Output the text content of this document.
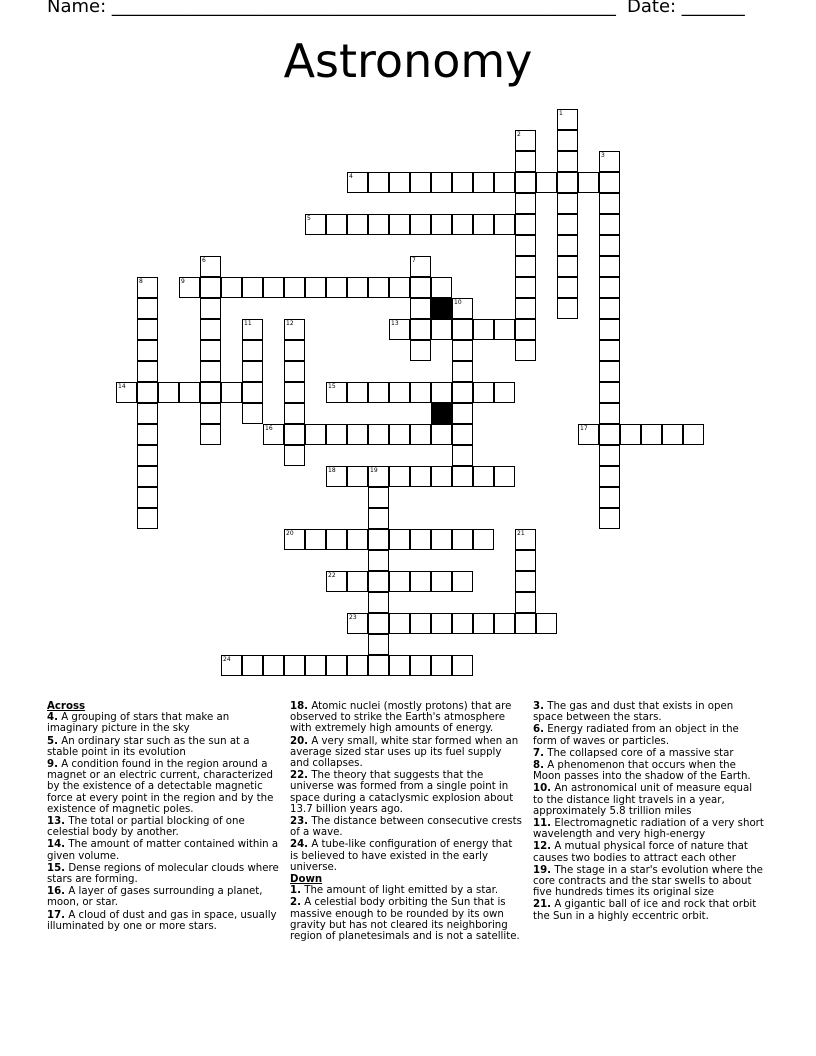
Name: ________________________________________________________ Date: _______
Astronomy
1
2
3
4
5
6	7
8	9
10
11	12	13
14	15
16	17
18	19
20	21
22
23
24
Across
4. A grouping of stars that make an imaginary picture in the sky
5. An ordinary star such as the sun at a stable point in its evolution
9. A condition found in the region around a magnet or an electric current, characterized by the existence of a detectable magnetic force at every point in the region and by the existence of magnetic poles.
13. The total or partial blocking of one celestial body by another.
14. The amount of matter contained within a given volume.
15. Dense regions of molecular clouds where stars are forming.
16. A layer of gases surrounding a planet, moon, or star.
17. A cloud of dust and gas in space, usually illuminated by one or more stars.
18. Atomic nuclei (mostly protons) that are observed to strike the Earth's atmosphere with extremely high amounts of energy.
20. A very small, white star formed when an average sized star uses up its fuel supply and collapses.
22. The theory that suggests that the universe was formed from a single point in space during a cataclysmic explosion about 13.7 billion years ago.
23. The distance between consecutive crests of a wave.
24. A tube-like configuration of energy that is believed to have existed in the early universe.
Down
1. The amount of light emitted by a star.
2. A celestial body orbiting the Sun that is massive enough to be rounded by its own gravity but has not cleared its neighboring region of planetesimals and is not a satellite.
3. The gas and dust that exists in open space between the stars.
6. Energy radiated from an object in the form of waves or particles.
7. The collapsed core of a massive star
8. A phenomenon that occurs when the Moon passes into the shadow of the Earth.
10. An astronomical unit of measure equal to the distance light travels in a year, approximately 5.8 trillion miles
11. Electromagnetic radiation of a very short wavelength and very high-energy
12. A mutual physical force of nature that causes two bodies to attract each other
19. The stage in a star's evolution where the core contracts and the star swells to about five hundreds times its original size
21. A gigantic ball of ice and rock that orbit the Sun in a highly eccentric orbit.
